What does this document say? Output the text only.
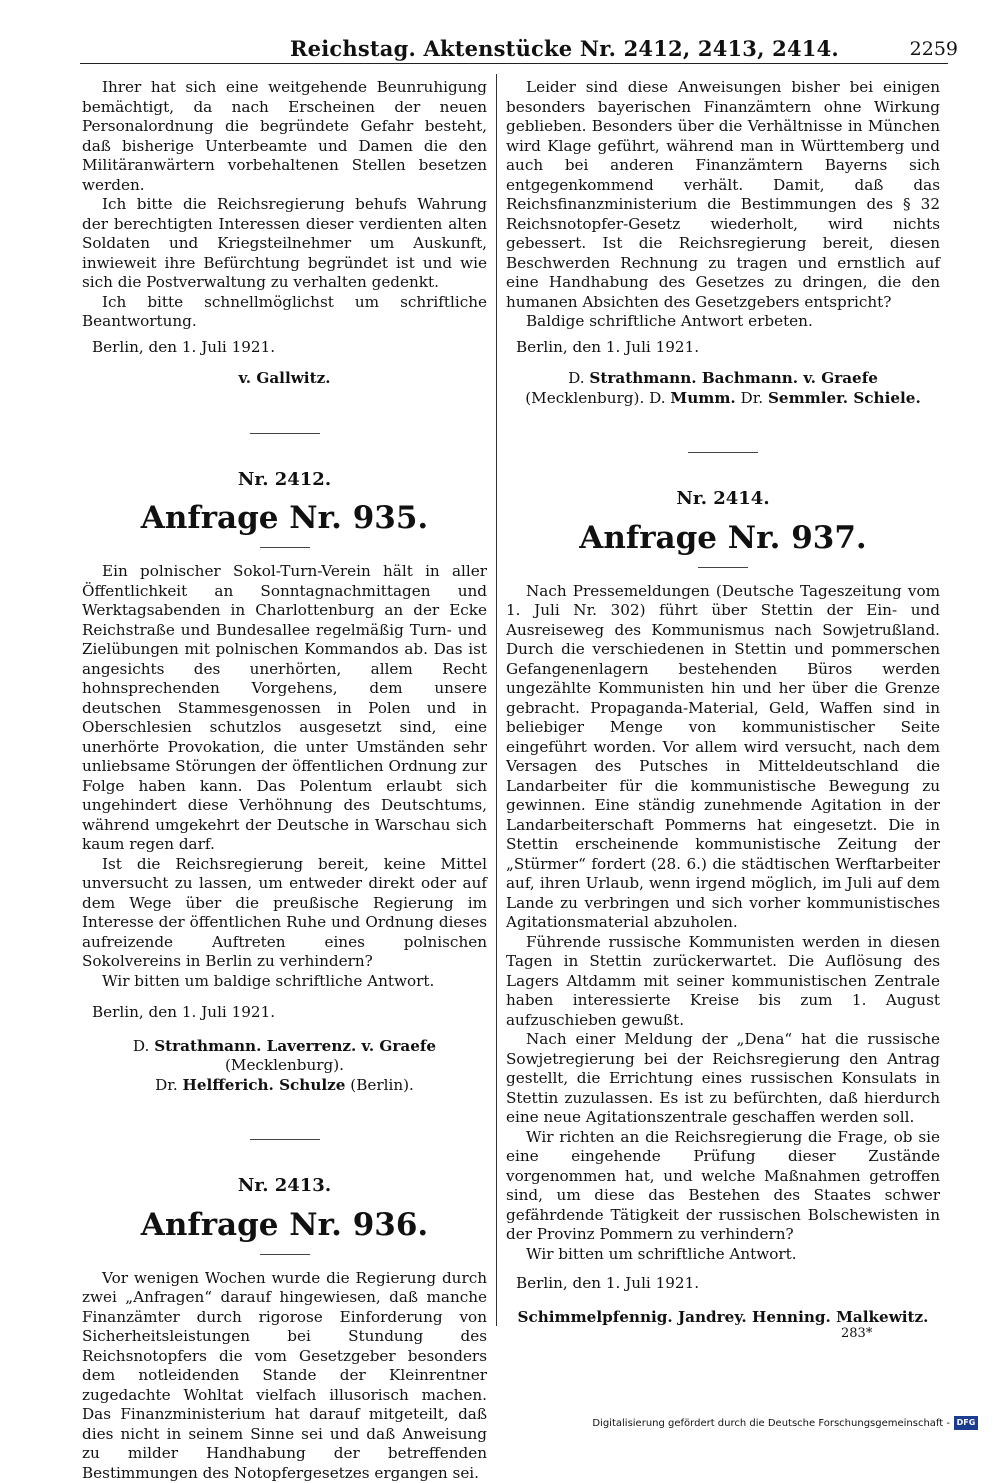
Reichstag. Aktenstücke Nr. 2412, 2413, 2414.	2259

Ihrer hat sich eine weitgehende Beunruhigung bemächtigt, da nach Erscheinen der neuen Personalordnung die begründete Gefahr besteht, daß bisherige Unterbeamte und Damen die den Militäranwärtern vorbehaltenen Stellen besetzen werden.

Ich bitte die Reichsregierung behufs Wahrung der berechtigten Interessen dieser verdienten alten Soldaten und Kriegsteilnehmer um Auskunft, inwieweit ihre Befürchtung begründet ist und wie sich die Postverwaltung zu verhalten gedenkt.

Ich bitte schnellmöglichst um schriftliche Beantwortung.

Berlin, den 1. Juli 1921.

v. Gallwitz.

Nr. 2412.

Anfrage Nr. 935.

Ein polnischer Sokol-Turn-Verein hält in aller Öffentlichkeit an Sonntagnachmittagen und Werktagsabenden in Charlottenburg an der Ecke Reichstraße und Bundesallee regelmäßig Turn- und Zielübungen mit polnischen Kommandos ab. Das ist angesichts des unerhörten, allem Recht hohnsprechenden Vorgehens, dem unsere deutschen Stammesgenossen in Polen und in Oberschlesien schutzlos ausgesetzt sind, eine unerhörte Provokation, die unter Umständen sehr unliebsame Störungen der öffentlichen Ordnung zur Folge haben kann. Das Polentum erlaubt sich ungehindert diese Verhöhnung des Deutschtums, während umgekehrt der Deutsche in Warschau sich kaum regen darf.

Ist die Reichsregierung bereit, keine Mittel unversucht zu lassen, um entweder direkt oder auf dem Wege über die preußische Regierung im Interesse der öffentlichen Ruhe und Ordnung dieses aufreizende Auftreten eines polnischen Sokolvereins in Berlin zu verhindern?

Wir bitten um baldige schriftliche Antwort.

Berlin, den 1. Juli 1921.

D. Strathmann. Laverrenz. v. Graefe (Mecklenburg).

Dr. Helfferich. Schulze (Berlin).

Nr. 2413.

Anfrage Nr. 936.

Vor wenigen Wochen wurde die Regierung durch zwei „Anfragen“ darauf hingewiesen, daß manche Finanzämter durch rigorose Einforderung von Sicherheitsleistungen bei Stundung des Reichsnotopfers die vom Gesetzgeber besonders dem notleidenden Stande der Kleinrentner zugedachte Wohltat vielfach illusorisch machen. Das Finanzministerium hat darauf mitgeteilt, daß dies nicht in seinem Sinne sei und daß Anweisung zu milder Handhabung der betreffenden Bestimmungen des Notopfergesetzes ergangen sei.

Leider sind diese Anweisungen bisher bei einigen besonders bayerischen Finanzämtern ohne Wirkung geblieben. Besonders über die Verhältnisse in München wird Klage geführt, während man in Württemberg und auch bei anderen Finanzämtern Bayerns sich entgegenkommend verhält. Damit, daß das Reichsfinanzministerium die Bestimmungen des § 32 Reichsnotopfer-Gesetz wiederholt, wird nichts gebessert. Ist die Reichsregierung bereit, diesen Beschwerden Rechnung zu tragen und ernstlich auf eine Handhabung des Gesetzes zu dringen, die den humanen Absichten des Gesetzgebers entspricht?

Baldige schriftliche Antwort erbeten.

Berlin, den 1. Juli 1921.

D. Strathmann. Bachmann. v. Graefe

(Mecklenburg). D. Mumm. Dr. Semmler. Schiele.

Nr. 2414.

Anfrage Nr. 937.

Nach Pressemeldungen (Deutsche Tageszeitung vom 1. Juli Nr. 302) führt über Stettin der Ein- und Ausreiseweg des Kommunismus nach Sowjetrußland. Durch die verschiedenen in Stettin und pommerschen Gefangenenlagern bestehenden Büros werden ungezählte Kommunisten hin und her über die Grenze gebracht. Propaganda-Material, Geld, Waffen sind in beliebiger Menge von kommunistischer Seite eingeführt worden. Vor allem wird versucht, nach dem Versagen des Putsches in Mitteldeutschland die Landarbeiter für die kommunistische Bewegung zu gewinnen. Eine ständig zunehmende Agitation in der Landarbeiterschaft Pommerns hat eingesetzt. Die in Stettin erscheinende kommunistische Zeitung der „Stürmer“ fordert (28. 6.) die städtischen Werftarbeiter auf, ihren Urlaub, wenn irgend möglich, im Juli auf dem Lande zu verbringen und sich vorher kommunistisches Agitationsmaterial abzuholen.

Führende russische Kommunisten werden in diesen Tagen in Stettin zurückerwartet. Die Auflösung des Lagers Altdamm mit seiner kommunistischen Zentrale haben interessierte Kreise bis zum 1. August aufzuschieben gewußt.

Nach einer Meldung der „Dena“ hat die russische Sowjetregierung bei der Reichsregierung den Antrag gestellt, die Errichtung eines russischen Konsulats in Stettin zuzulassen. Es ist zu befürchten, daß hierdurch eine neue Agitationszentrale geschaffen werden soll.

Wir richten an die Reichsregierung die Frage, ob sie eine eingehende Prüfung dieser Zustände vorgenommen hat, und welche Maßnahmen getroffen sind, um diese das Bestehen des Staates schwer gefährdende Tätigkeit der russischen Bolschewisten in der Provinz Pommern zu verhindern?

Wir bitten um schriftliche Antwort.

Berlin, den 1. Juli 1921.

Schimmelpfennig. Jandrey. Henning. Malkewitz.

283*
Digitalisierung gefördert durch die Deutsche Forschungsgemeinschaft - DFG
